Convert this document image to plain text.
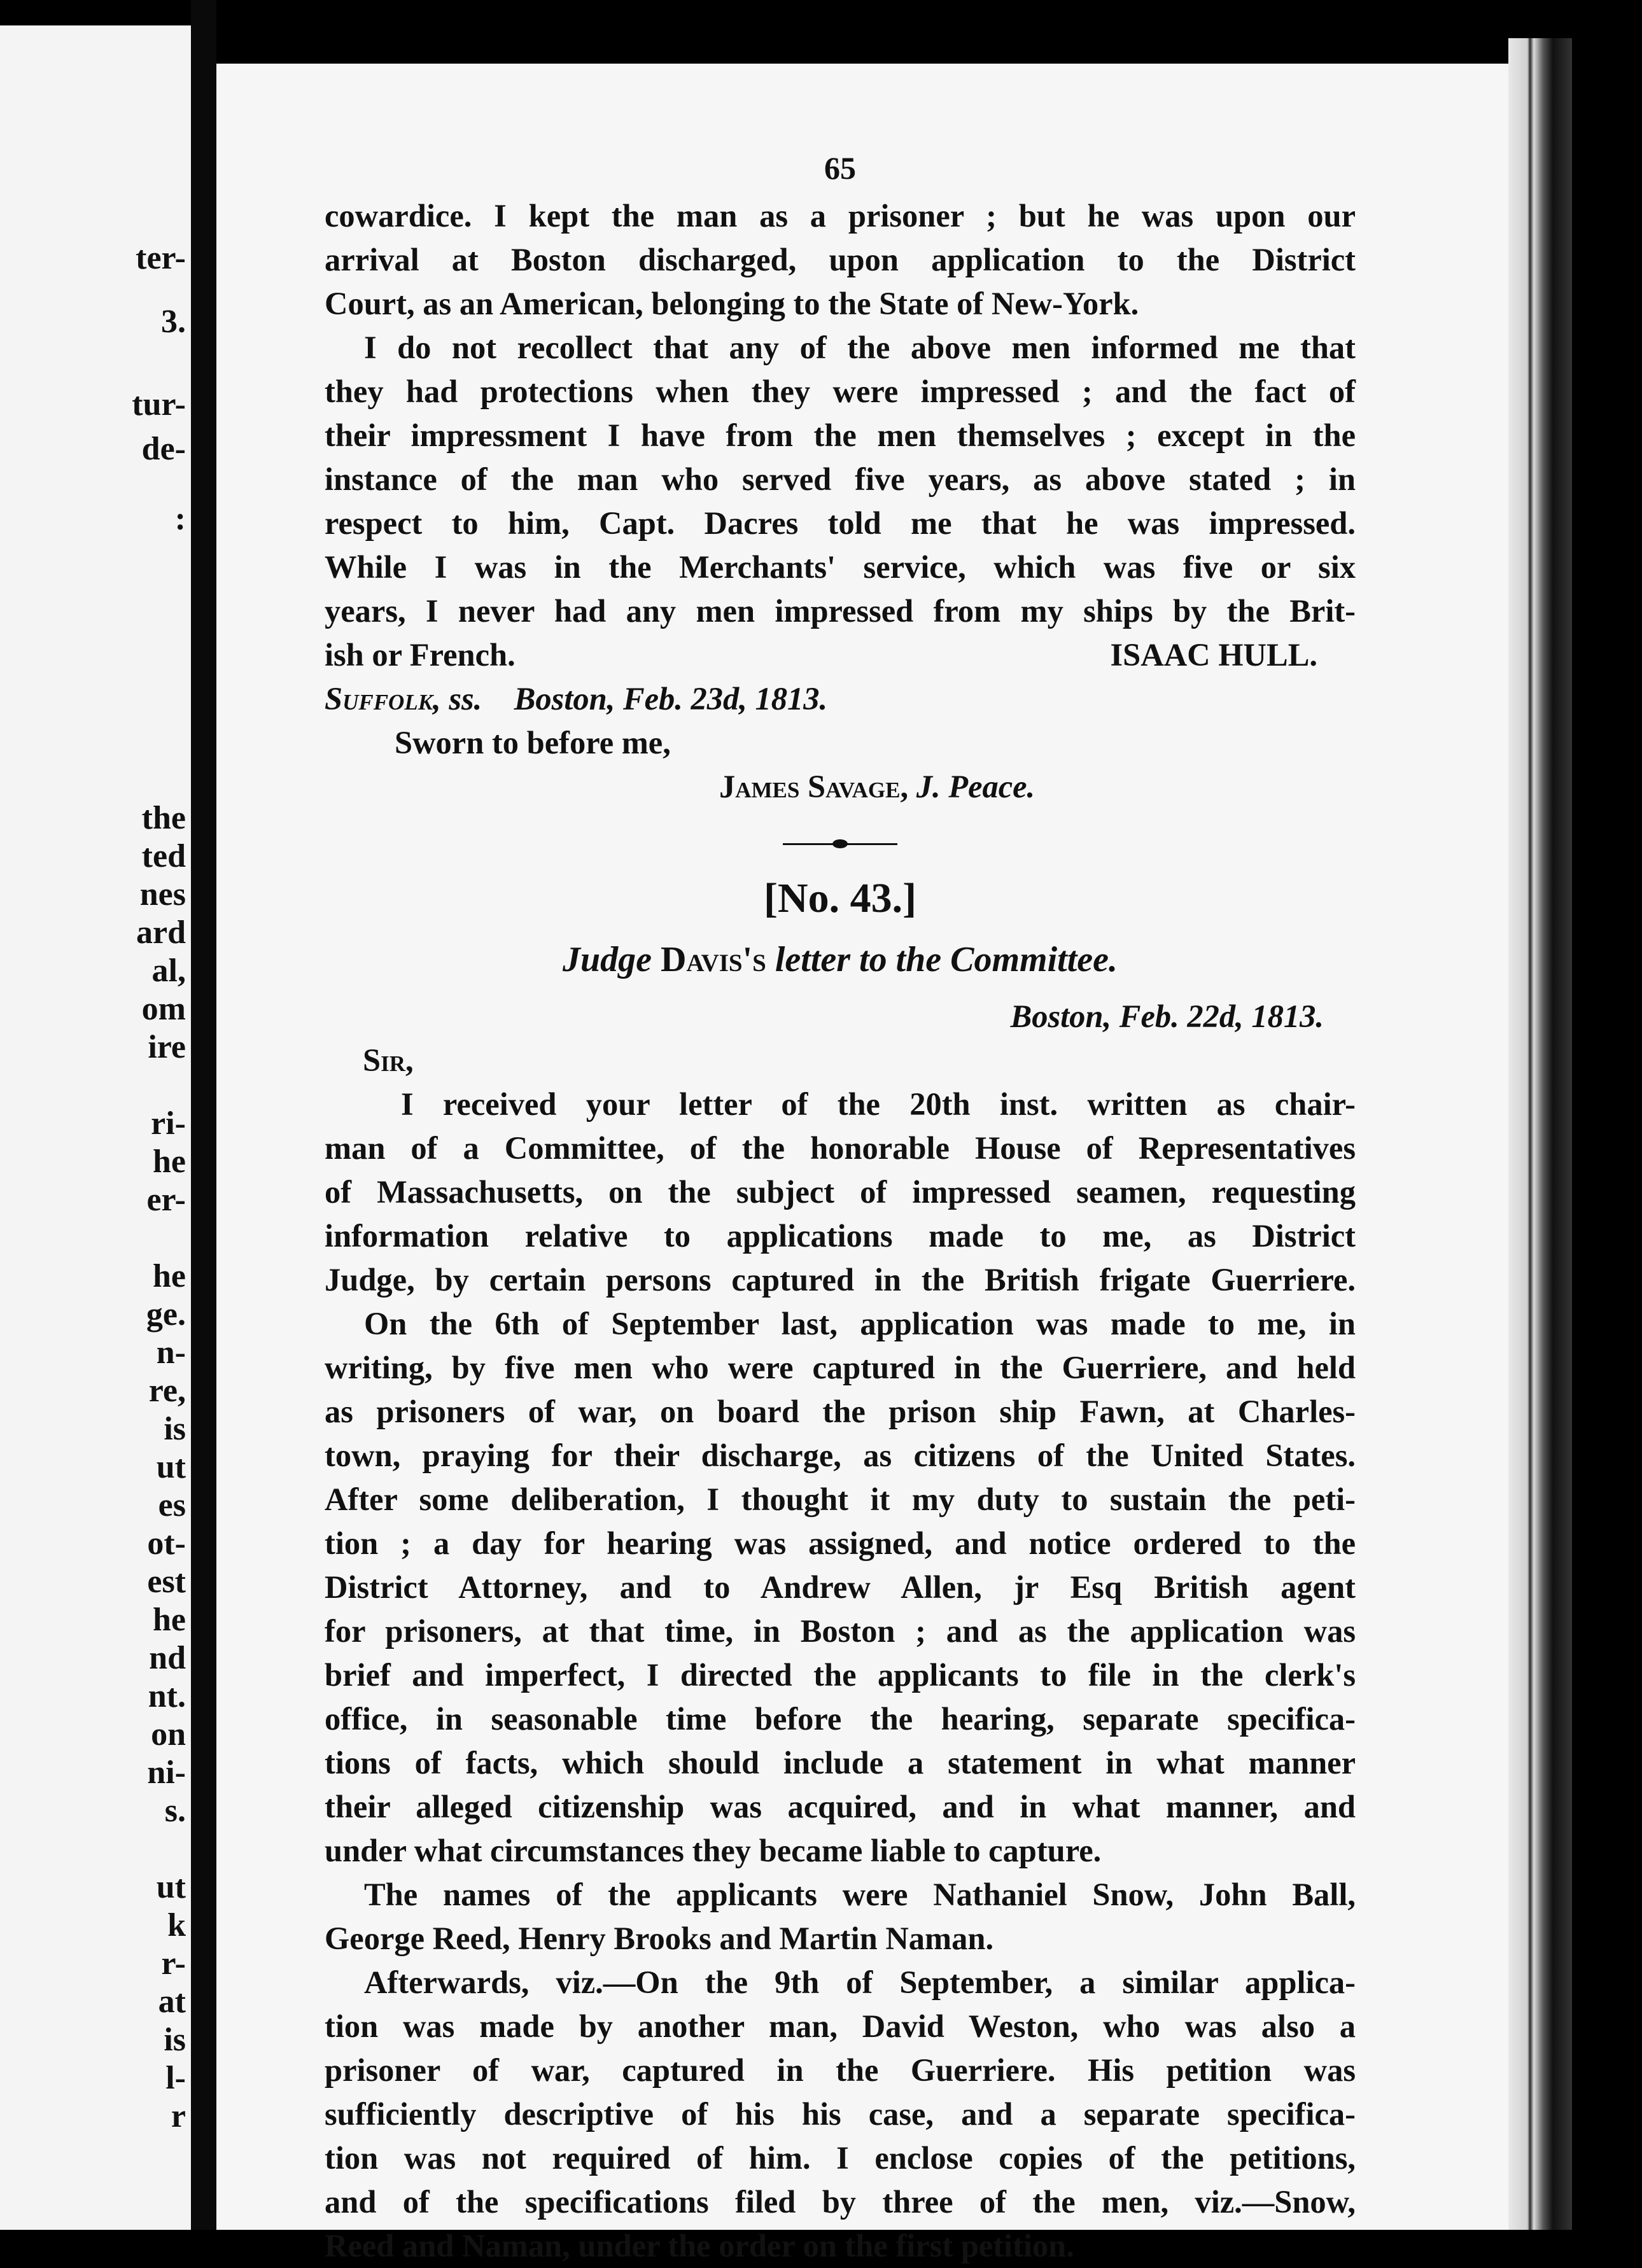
ter-
3.
tur-
de-
:
the
ted
nes
ard
al,
om
ire
ri-
he
er-
he
ge.
n-
re,
is
ut
es
ot-
est
he
nd
nt.
on
ni-
s.
ut
k
r-
at
is
l-
r
65
cowardice. I kept the man as a prisoner ; but he was upon our
arrival at Boston discharged, upon application to the District
Court, as an American, belonging to the State of New-York.
I do not recollect that any of the above men informed me that
they had protections when they were impressed ; and the fact of
their impressment I have from the men themselves ; except in the
instance of the man who served five years, as above stated ; in
respect to him, Capt. Dacres told me that he was impressed.
While I was in the Merchants' service, which was five or six
years, I never had any men impressed from my ships by the Brit-
ish or French.	ISAAC HULL.
Suffolk, ss. Boston, Feb. 23d, 1813.
Sworn to before me,
James Savage, J. Peace.
[No. 43.]
Judge Davis's letter to the Committee.
Boston, Feb. 22d, 1813.
Sir,
I received your letter of the 20th inst. written as chair-
man of a Committee, of the honorable House of Representatives
of Massachusetts, on the subject of impressed seamen, requesting
information relative to applications made to me, as District
Judge, by certain persons captured in the British frigate Guerriere.
On the 6th of September last, application was made to me, in
writing, by five men who were captured in the Guerriere, and held
as prisoners of war, on board the prison ship Fawn, at Charles-
town, praying for their discharge, as citizens of the United States.
After some deliberation, I thought it my duty to sustain the peti-
tion ; a day for hearing was assigned, and notice ordered to the
District Attorney, and to Andrew Allen, jr Esq British agent
for prisoners, at that time, in Boston ; and as the application was
brief and imperfect, I directed the applicants to file in the clerk's
office, in seasonable time before the hearing, separate specifica-
tions of facts, which should include a statement in what manner
their alleged citizenship was acquired, and in what manner, and
under what circumstances they became liable to capture.
The names of the applicants were Nathaniel Snow, John Ball,
George Reed, Henry Brooks and Martin Naman.
Afterwards, viz.—On the 9th of September, a similar applica-
tion was made by another man, David Weston, who was also a
prisoner of war, captured in the Guerriere. His petition was
sufficiently descriptive of his his case, and a separate specifica-
tion was not required of him. I enclose copies of the petitions,
and of the specifications filed by three of the men, viz.—Snow,
Reed and Naman, under the order on the first petition.
